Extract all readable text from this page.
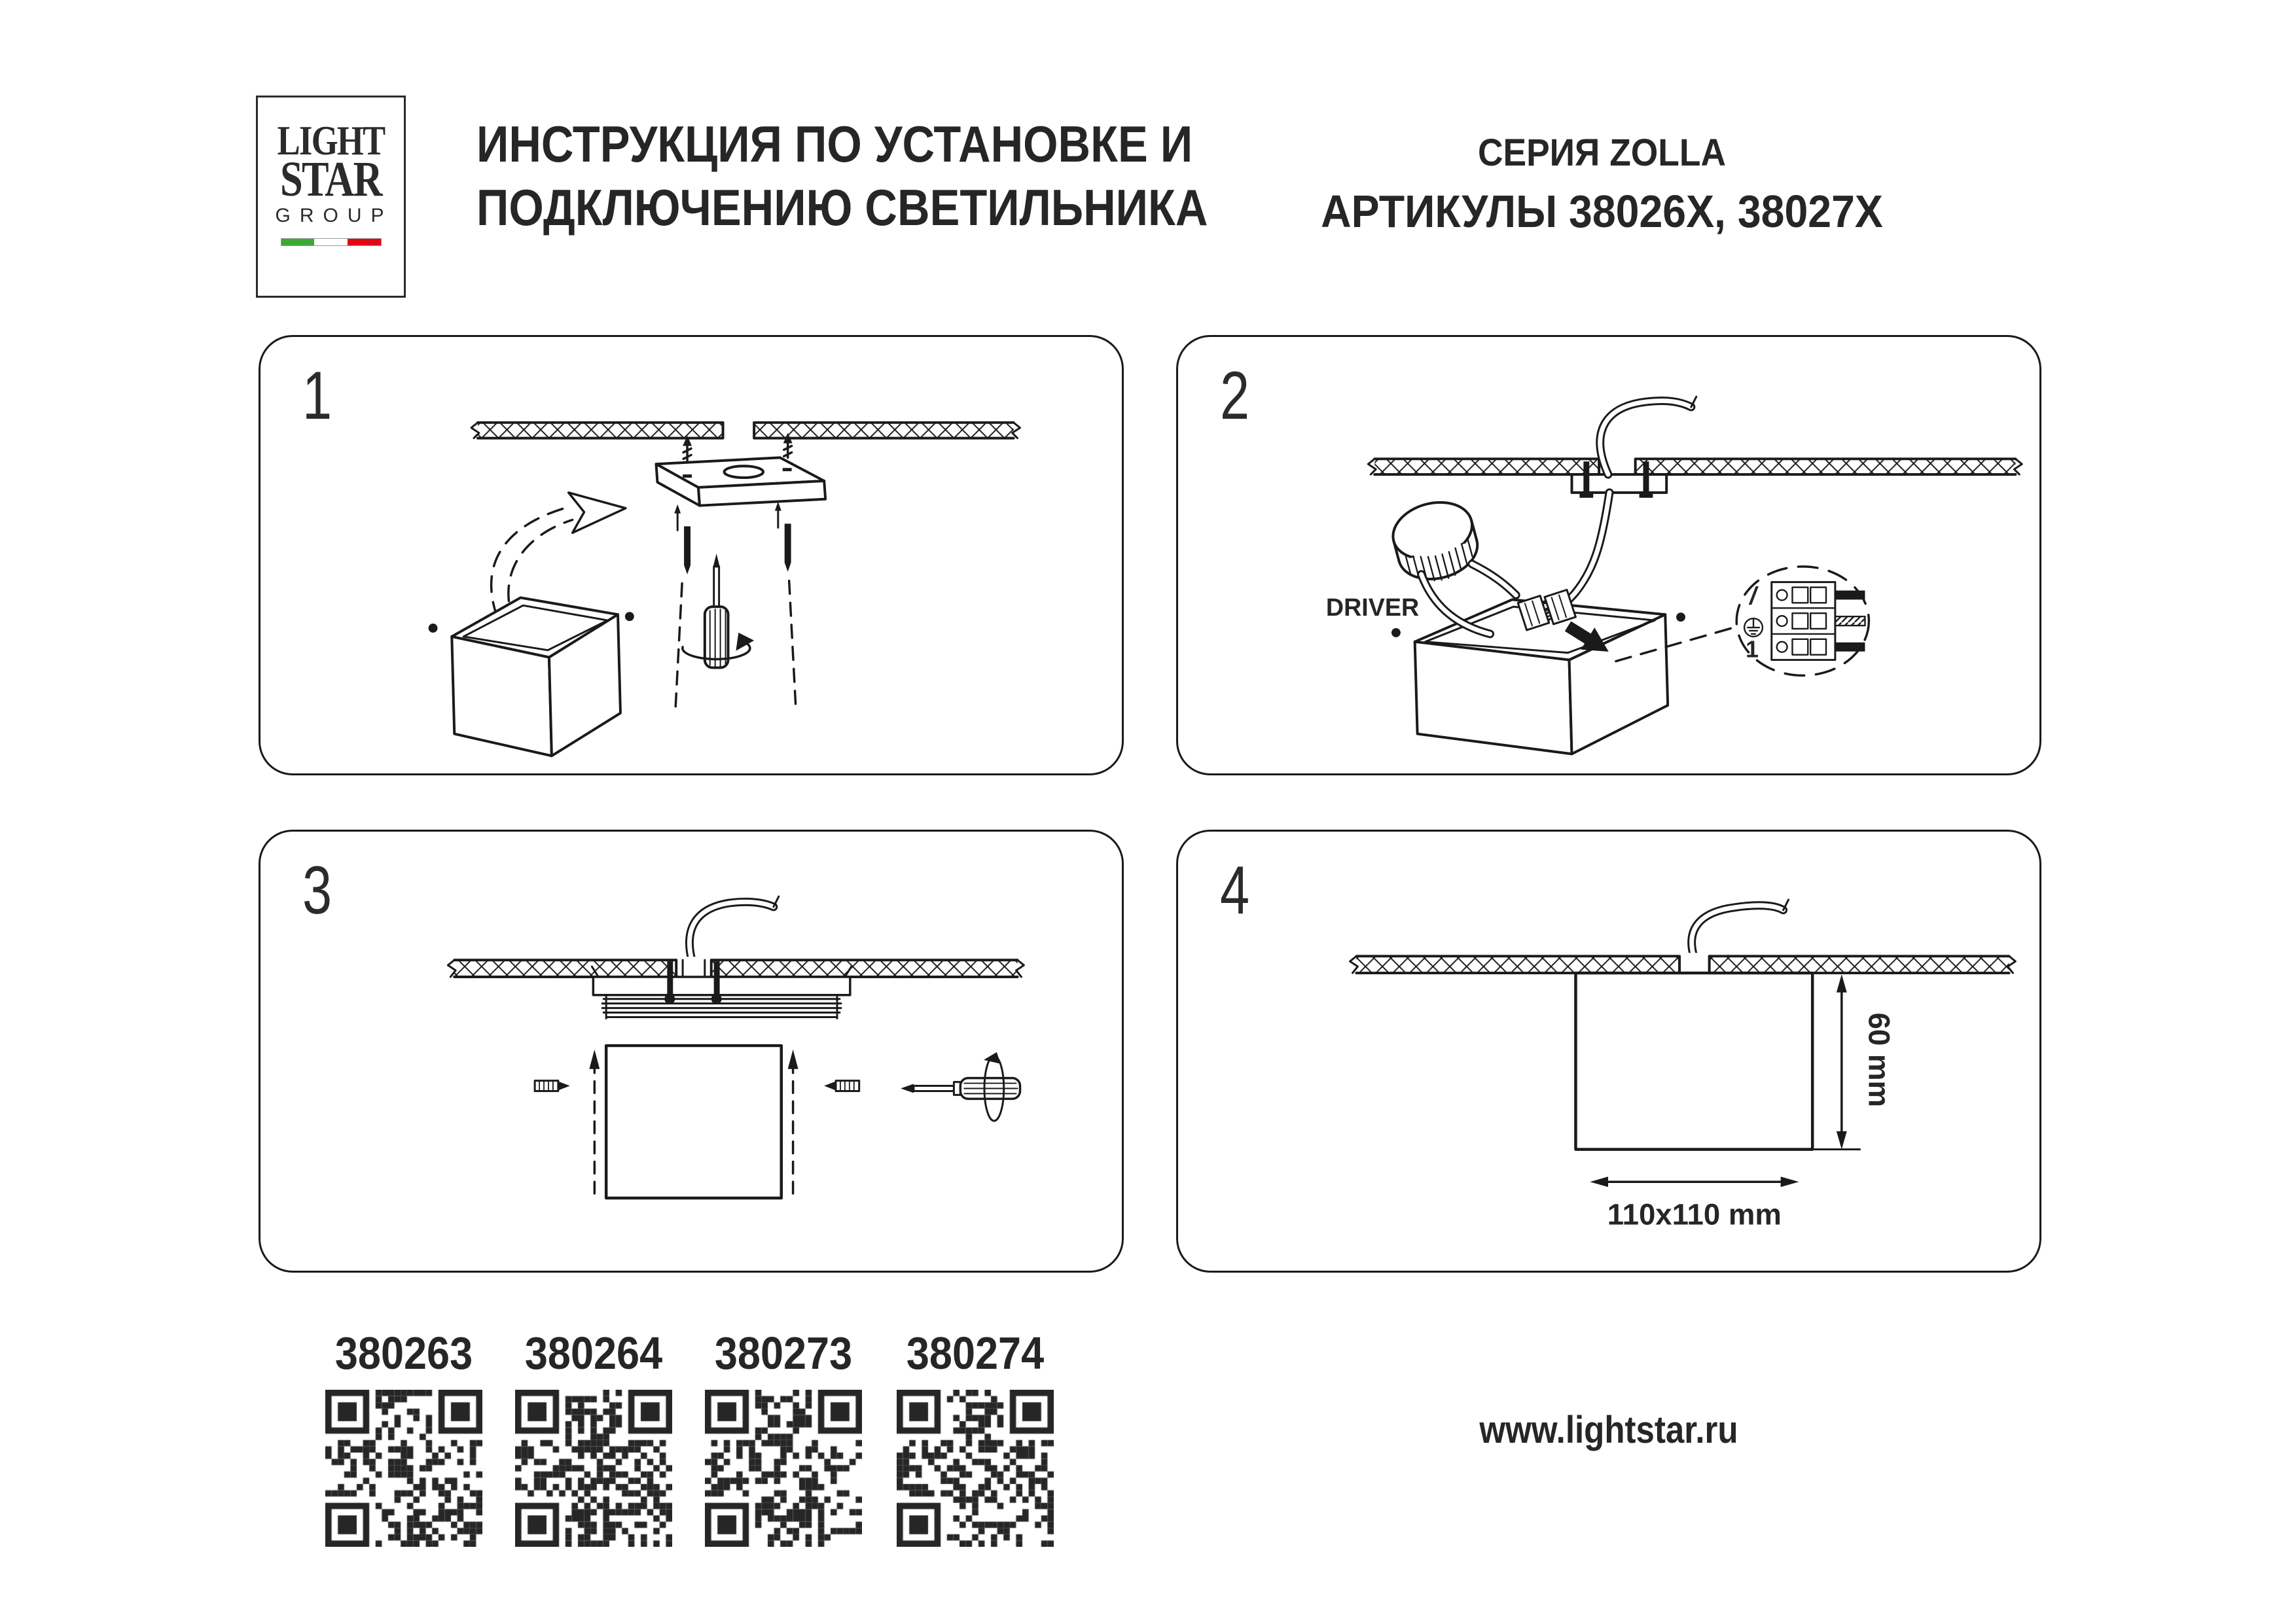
LIGHT
STAR
GROUP
ИНСТРУКЦИЯ ПО УСТАНОВКЕ И
ПОДКЛЮЧЕНИЮ СВЕТИЛЬНИКА
СЕРИЯ ZOLLA
АРТИКУЛЫ 38026X, 38027X
1
/
1
DRIVER
2
3
60 mm
110x110 mm
4
380263	380264	380273	380274
www.lightstar.ru
